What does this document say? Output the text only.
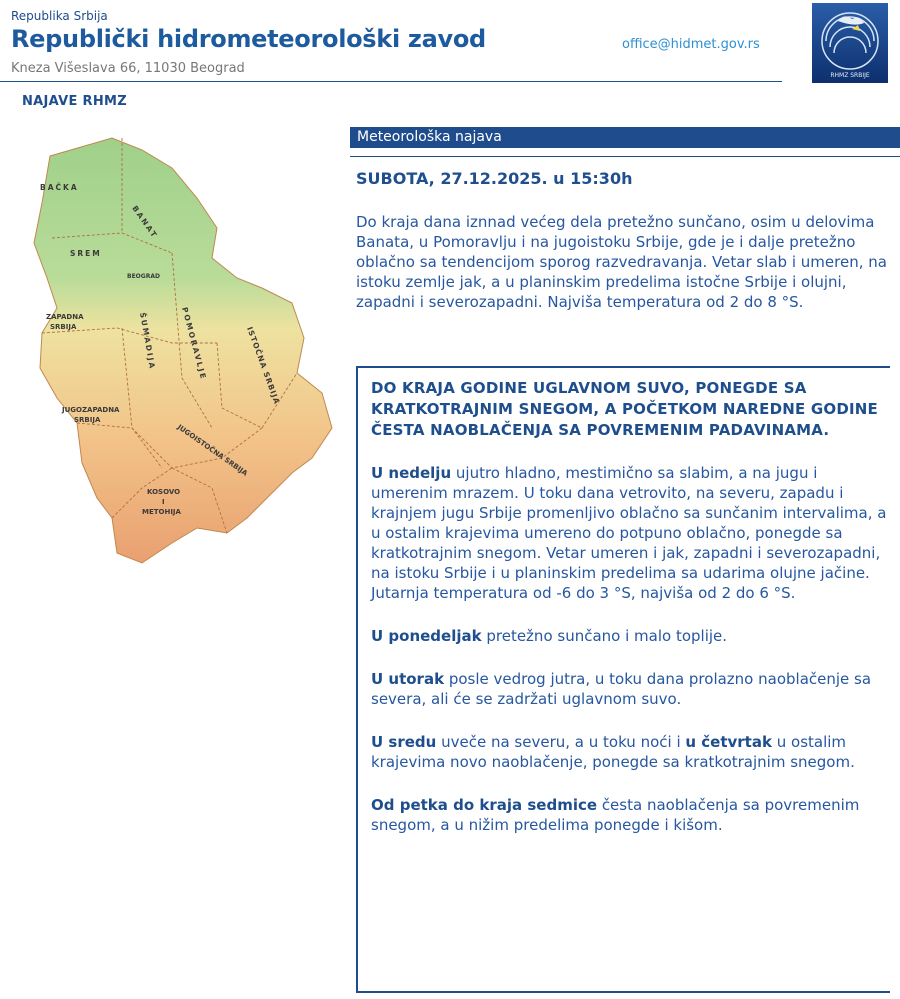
Republika Srbija
Republički hidrometeorološki zavod
Kneza Višeslava 66, 11030 Beograd
office@hidmet.gov.rs
RHMZ SRBIJE
NAJAVE RHMZ
BAČKA
BANAT
SREM
BEOGRAD
ZAPADNA
SRBIJA	ŠUMADIJA	POMORAVLJE	ISTOČNA SRBIJA
JUGOZAPADNA
SRBIJA
JUGOISTOČNA SRBIJA
KOSOVO
I
METOHIJA
Meteorološka najava
SUBOTA, 27.12.2025. u 15:30h

Do kraja dana iznnad većeg dela pretežno sunčano, osim u delovima Banata, u Pomoravlju i na jugoistoku Srbije, gde je i dalje pretežno oblačno sa tendencijom sporog razvedravanja. Vetar slab i umeren, na istoku zemlje jak, a u planinskim predelima istočne Srbije i olujni, zapadni i severozapadni. Najviša temperatura od 2 do 8 °S.

DO KRAJA GODINE UGLAVNOM SUVO, PONEGDE SA KRATKOTRAJNIM SNEGOM, A POČETKOM NAREDNE GODINE ČESTA NAOBLAČENJA SA POVREMENIM PADAVINAMA.

U nedelju ujutro hladno, mestimično sa slabim, a na jugu i umerenim mrazem. U toku dana vetrovito, na severu, zapadu i krajnjem jugu Srbije promenljivo oblačno sa sunčanim intervalima, a u ostalim krajevima umereno do potpuno oblačno, ponegde sa kratkotrajnim snegom. Vetar umeren i jak, zapadni i severozapadni, na istoku Srbije i u planinskim predelima sa udarima olujne jačine. Jutarnja temperatura od -6 do 3 °S, najviša od 2 do 6 °S.

U ponedeljak pretežno sunčano i malo toplije.

U utorak posle vedrog jutra, u toku dana prolazno naoblačenje sa severa, ali će se zadržati uglavnom suvo.

U sredu uveče na severu, a u toku noći i u četvrtak u ostalim krajevima novo naoblačenje, ponegde sa kratkotrajnim snegom.

Od petka do kraja sedmice česta naoblačenja sa povremenim snegom, a u nižim predelima ponegde i kišom.
